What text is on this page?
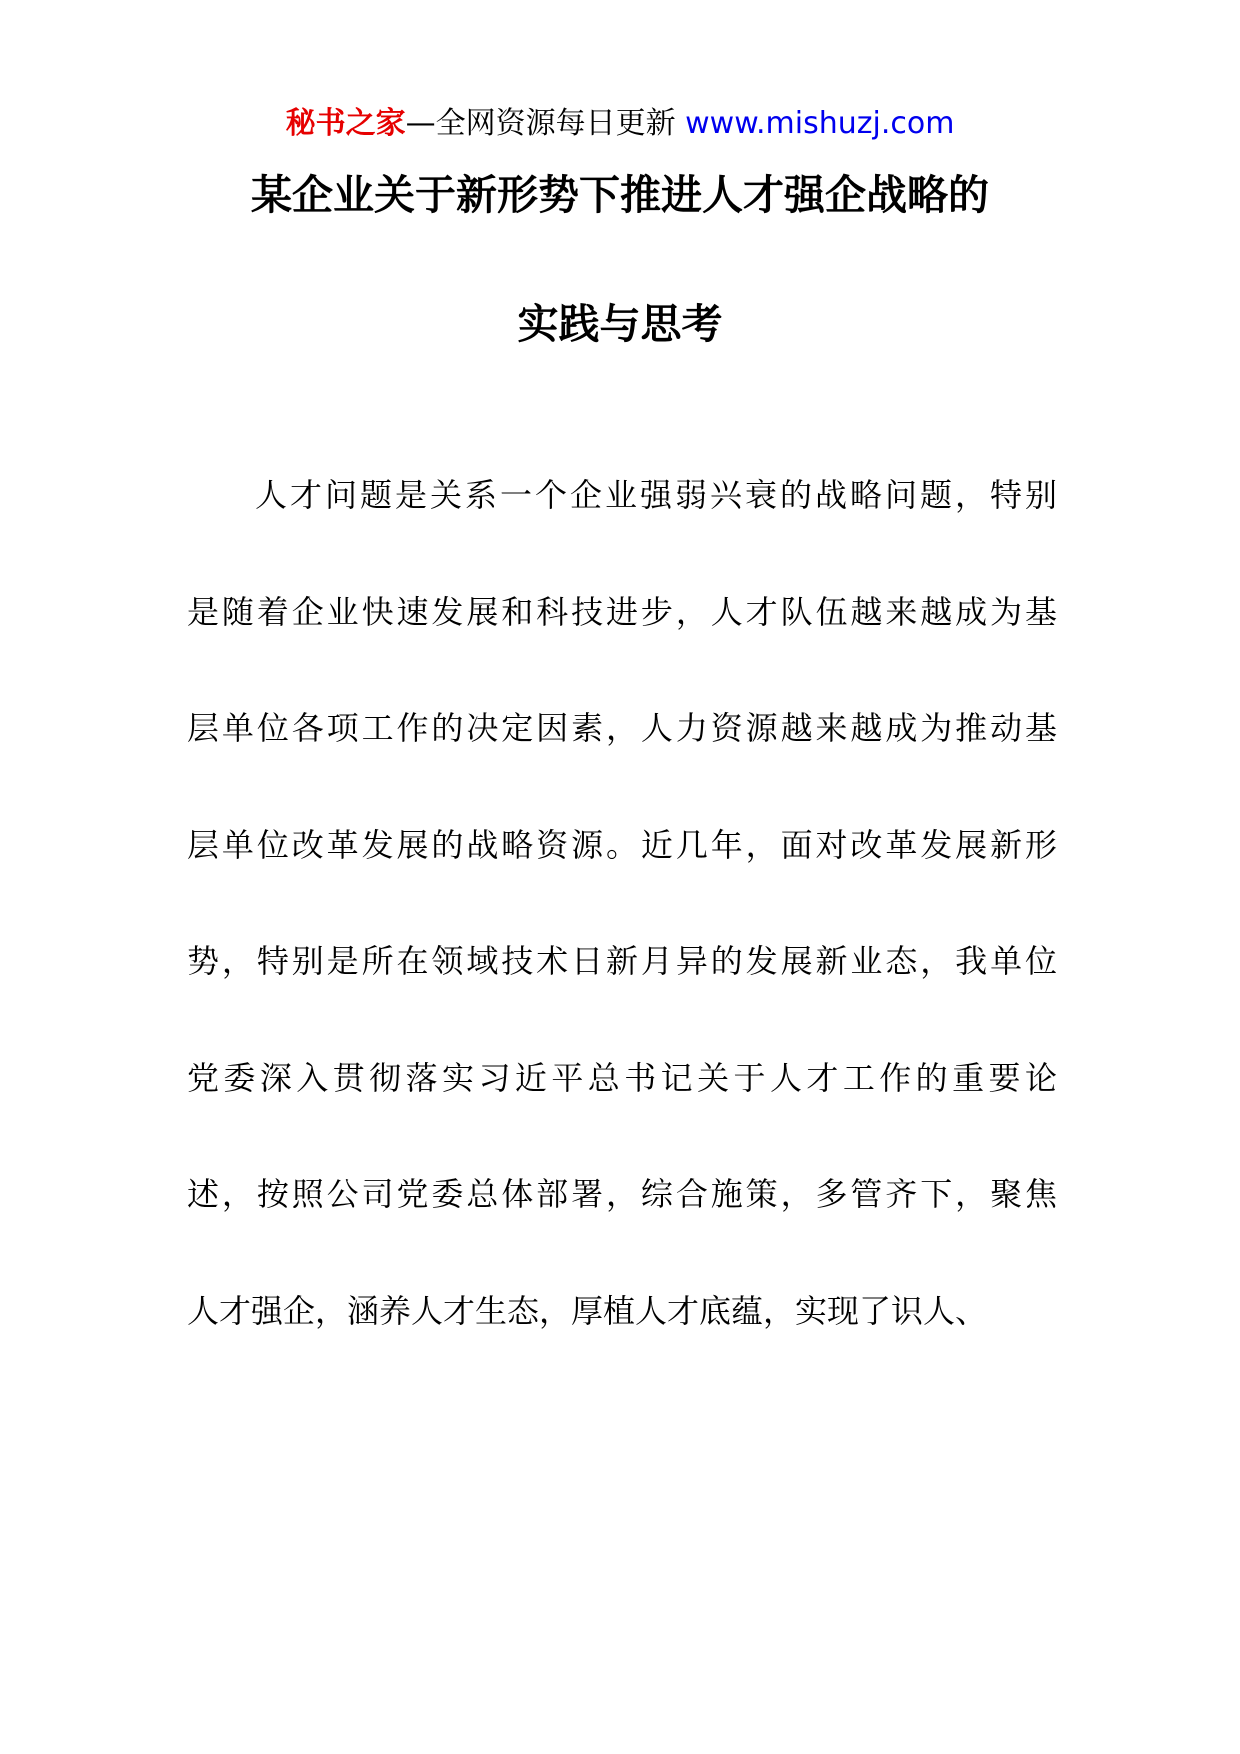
秘书之家—全网资源每日更新 www.mishuzj.com
某企业关于新形势下推进人才强企战略的
实践与思考
人才问题是关系一个企业强弱兴衰的战略问题，特别
是随着企业快速发展和科技进步，人才队伍越来越成为基
层单位各项工作的决定因素，人力资源越来越成为推动基
层单位改革发展的战略资源。近几年，面对改革发展新形
势，特别是所在领域技术日新月异的发展新业态，我单位
党委深入贯彻落实习近平总书记关于人才工作的重要论
述，按照公司党委总体部署，综合施策，多管齐下，聚焦
人才强企，涵养人才生态，厚植人才底蕴，实现了识人、
